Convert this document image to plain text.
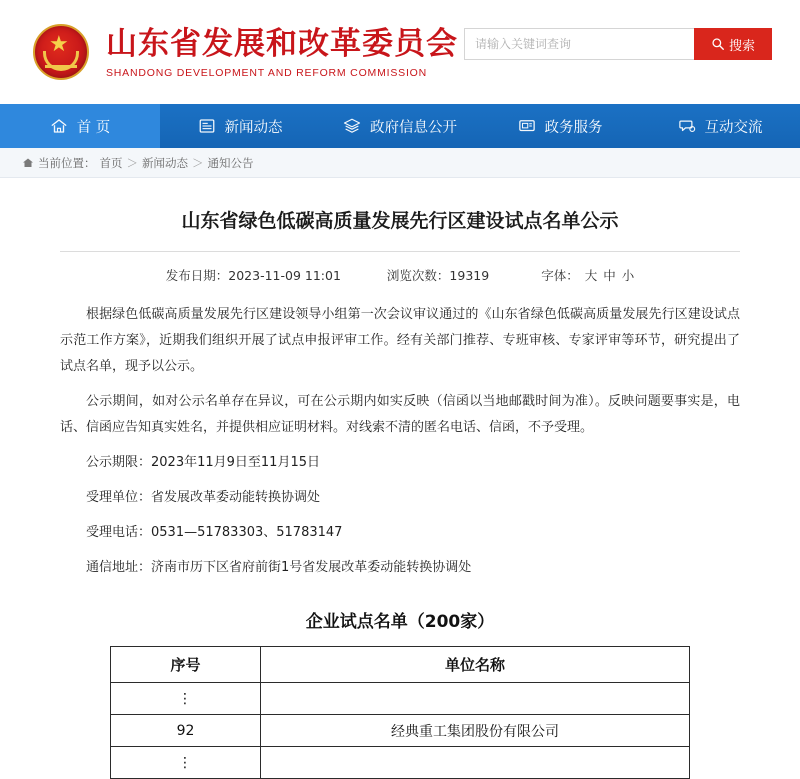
★ 山东省发展和改革委员会
SHANDONG DEVELOPMENT AND REFORM COMMISSION
请输入关键词查询
搜索
首 页	新闻动态	政府信息公开	政务服务	互动交流
当前位置： 首页 ＞ 新闻动态 ＞ 通知公告
山东省绿色低碳高质量发展先行区建设试点名单公示
发布日期：2023-11-09 11:01	浏览次数：19319	字体： 大 中 小

根据绿色低碳高质量发展先行区建设领导小组第一次会议审议通过的《山东省绿色低碳高质量发展先行区建设试点示范工作方案》，近期我们组织开展了试点申报评审工作。经有关部门推荐、专班审核、专家评审等环节，研究提出了试点名单，现予以公示。

公示期间，如对公示名单存在异议，可在公示期内如实反映（信函以当地邮戳时间为准）。反映问题要事实是，电话、信函应告知真实姓名，并提供相应证明材料。对线索不清的匿名电话、信函，不予受理。

公示期限：2023年11月9日至11月15日

受理单位：省发展改革委动能转换协调处

受理电话：0531—51783303、51783147

通信地址：济南市历下区省府前街1号省发展改革委动能转换协调处

企业试点名单（200家）
序号	单位名称
⋮	
92	经典重工集团股份有限公司
⋮	
